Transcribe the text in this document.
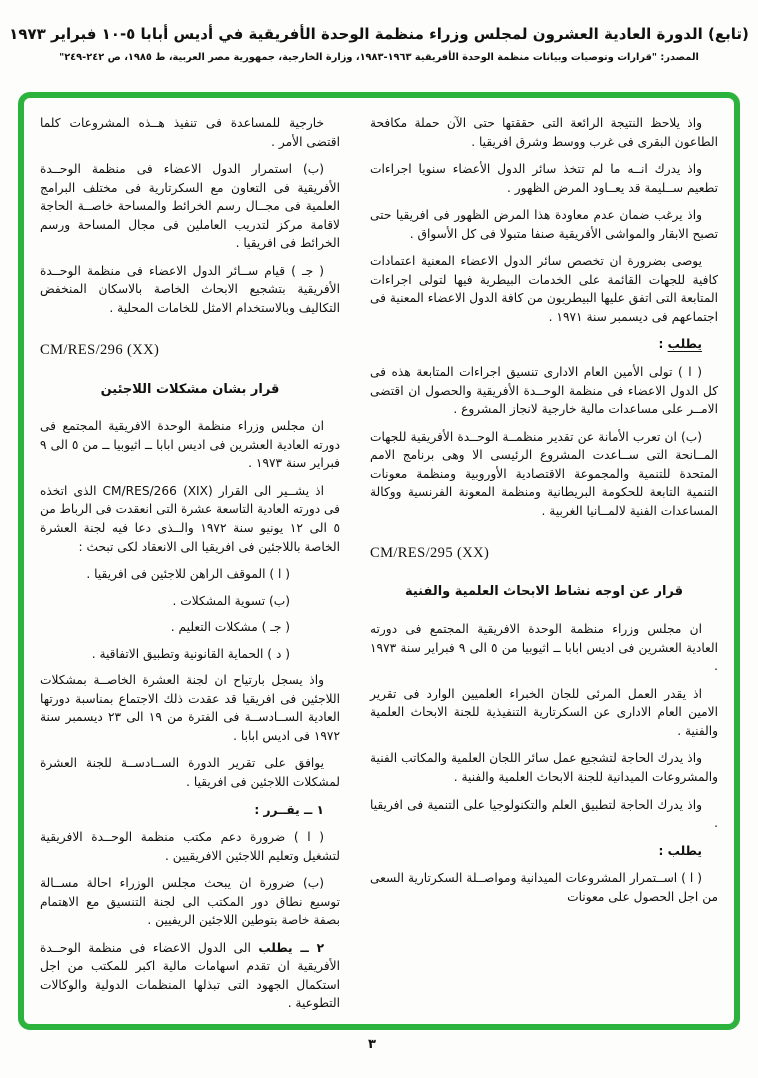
(تابع) الدورة العادية العشرون لمجلس وزراء منظمة الوحدة الأفريقية في أديس أبابا ٥-١٠ فبراير ١٩٧٣
المصدر: "قرارات وتوصيات وبيانات منظمة الوحدة الأفريقية ١٩٦٣-١٩٨٣، وزارة الخارجية، جمهورية مصر العربية، ط ١٩٨٥، ص ٢٤٢-٢٤٩"

واذ يلاحظ النتيجة الرائعة التى حققتها حتى الآن حملة مكافحة الطاعون البقرى فى غرب ووسط وشرق افريقيا .

واذ يدرك انــه ما لم تتخذ سائر الدول الأعضاء سنويا اجراءات تطعيم ســليمة قد يعــاود المرض الظهور .

واذ يرغب ضمان عدم معاودة هذا المرض الظهور فى افريقيا حتى تصبح الابقار والمواشى الأفريقية صنفا متبولا فى كل الأسواق .

يوصى بضرورة ان تخصص سائر الدول الاعضاء المعنية اعتمادات كافية للجهات القائمة على الخدمات البيطرية فيها لتولى اجراءات المتابعة التى اتفق عليها البيطريون من كافة الدول الاعضاء المعنية فى اجتماعهم فى ديسمبر سنة ١٩٧١ .

يطلب :

( ا ) تولى الأمين العام الادارى تنسيق اجراءات المتابعة هذه فى كل الدول الاعضاء فى منظمة الوحــدة الأفريقية والحصول ان اقتضى الامــر على مساعدات مالية خارجية لانجاز المشروع .

(ب) ان تعرب الأمانة عن تقدير منظمــة الوحــدة الأفريقية للجهات المــانحة التى ســاعدت المشروع الرئيسى الا وهى برنامج الامم المتحدة للتنمية والمجموعة الاقتصادية الأوروبية ومنظمة معونات التنمية التابعة للحكومة البريطانية ومنظمة المعونة الفرنسية ووكالة المساعدات الفنية لالمــانيا الغربية .

CM/RES/295 (XX)

قرار عن اوجه نشاط الابحاث العلمية والفنية

ان مجلس وزراء منظمة الوحدة الافريقية المجتمع فى دورته العادية العشرين فى اديس ابابا ــ اثيوبيا من ٥ الى ٩ فبراير سنة ١٩٧٣ .

اذ يقدر العمل المرئى للجان الخبراء العلميين الوارد فى تقرير الامين العام الادارى عن السكرتارية التنفيذية للجنة الابحاث العلمية والفنية .

واذ يدرك الحاجة لتشجيع عمل سائر اللجان العلمية والمكاتب الفنية والمشروعات الميدانية للجنة الابحاث العلمية والفنية .

واذ يدرك الحاجة لتطبيق العلم والتكنولوجيا على التنمية فى افريقيا .

يطلب :

( ا ) اســتمرار المشروعات الميدانية ومواصــلة السكرتارية السعى من اجل الحصول على معونات

خارجية للمساعدة فى تنفيذ هــذه المشروعات كلما اقتضى الأمر .

(ب) استمرار الدول الاعضاء فى منظمة الوحــدة الأفريقية فى التعاون مع السكرتارية فى مختلف البرامج العلمية فى مجــال رسم الخرائط والمساحة خاصــة الحاجة لاقامة مركز لتدريب العاملين فى مجال المساحة ورسم الخرائط فى افريقيا .

( جـ ) قيام ســائر الدول الاعضاء فى منظمة الوحــدة الأفريقية بتشجيع الابحاث الخاصة بالاسكان المنخفض التكاليف وبالاستخدام الامثل للخامات المحلية .

CM/RES/296 (XX)

قرار بشان مشكلات اللاجئين

ان مجلس وزراء منظمة الوحدة الافريقية المجتمع فى دورته العادية العشرين فى اديس ابابا ــ اثيوبيا ــ من ٥ الى ٩ فبراير سنة ١٩٧٣ .

اذ يشــير الى القرار CM/RES/266 (XIX) الذى اتخذه فى دورته العادية التاسعة عشرة التى انعقدت فى الرباط من ٥ الى ١٢ يونيو سنة ١٩٧٢ والــذى دعا فيه لجنة العشرة الخاصة باللاجئين فى افريقيا الى الانعقاد لكى تبحث :

( ا ) الموقف الراهن للاجئين فى افريقيا .

(ب) تسوية المشكلات .

( جـ ) مشكلات التعليم .

( د ) الحماية القانونية وتطبيق الاتفاقية .

واذ يسجل بارتياح ان لجنة العشرة الخاصــة بمشكلات اللاجئين فى افريقيا قد عقدت ذلك الاجتماع بمناسبة دورتها العادية الســادســة فى الفترة من ١٩ الى ٢٣ ديسمبر سنة ١٩٧٢ فى اديس ابابا .

يوافق على تقرير الدورة الســادســة للجنة العشرة لمشكلات اللاجئين فى افريقيا .

١ ــ يقــرر :

( ا ) ضرورة دعم مكتب منظمة الوحــدة الافريقية لتشغيل وتعليم اللاجئين الافريقيين .

(ب) ضرورة ان يبحث مجلس الوزراء احالة مســالة توسيع نطاق دور المكتب الى لجنة التنسيق مع الاهتمام بصفة خاصة بتوطين اللاجئين الريفيين .

٢ ــ يطلب الى الدول الاعضاء فى منظمة الوحــدة الأفريقية ان تقدم اسهامات مالية اكبر للمكتب من اجل استكمال الجهود التى تبذلها المنظمات الدولية والوكالات التطوعية .

٣
